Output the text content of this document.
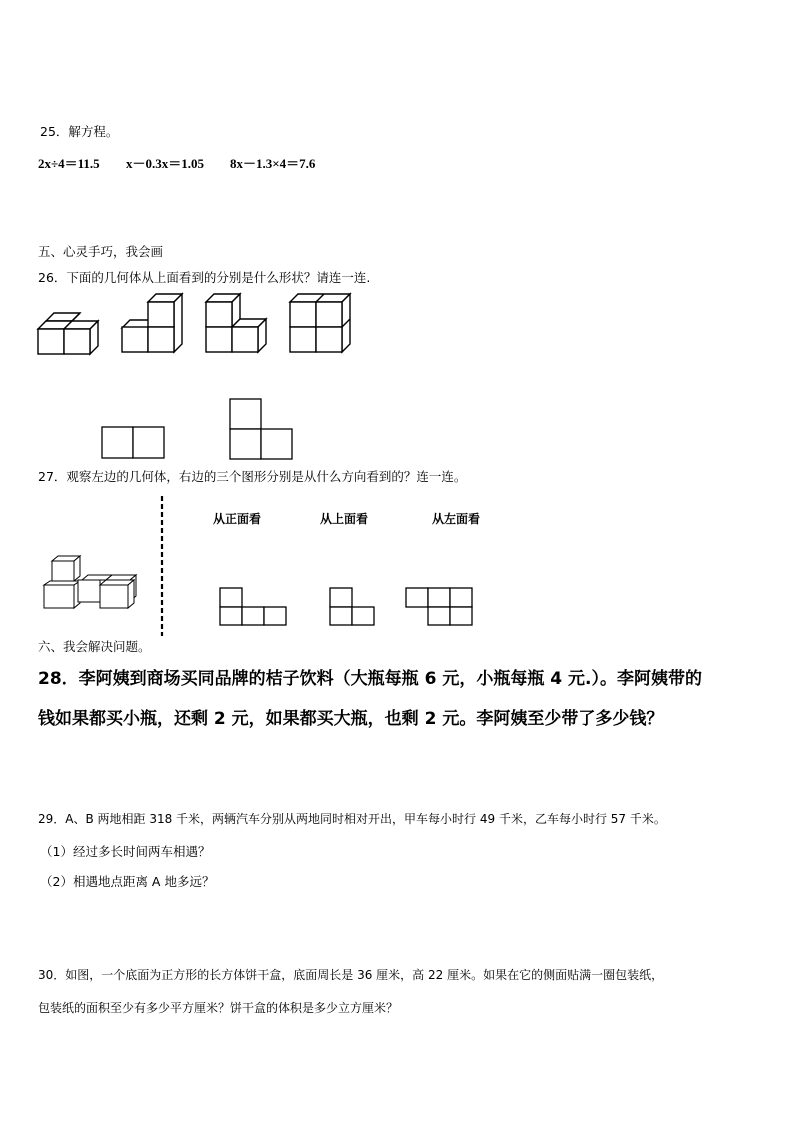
25．解方程。
2x÷4＝11.5 x－0.3x＝1.05 8x－1.3×4＝7.6
五、心灵手巧，我会画
26．下面的几何体从上面看到的分别是什么形状？请连一连.
27．观察左边的几何体，右边的三个图形分别是从什么方向看到的？连一连。
从正面看	从上面看	从左面看
六、我会解决问题。
28．李阿姨到商场买同品牌的桔子饮料（大瓶每瓶 6 元，小瓶每瓶 4 元.）。李阿姨带的
钱如果都买小瓶，还剩 2 元，如果都买大瓶，也剩 2 元。李阿姨至少带了多少钱？
29．A、B 两地相距 318 千米，两辆汽车分别从两地同时相对开出，甲车每小时行 49 千米，乙车每小时行 57 千米。
（1）经过多长时间两车相遇？
（2）相遇地点距离 A 地多远？
30．如图，一个底面为正方形的长方体饼干盒，底面周长是 36 厘米，高 22 厘米。如果在它的侧面贴满一圈包装纸，
包装纸的面积至少有多少平方厘米？饼干盒的体积是多少立方厘米？
